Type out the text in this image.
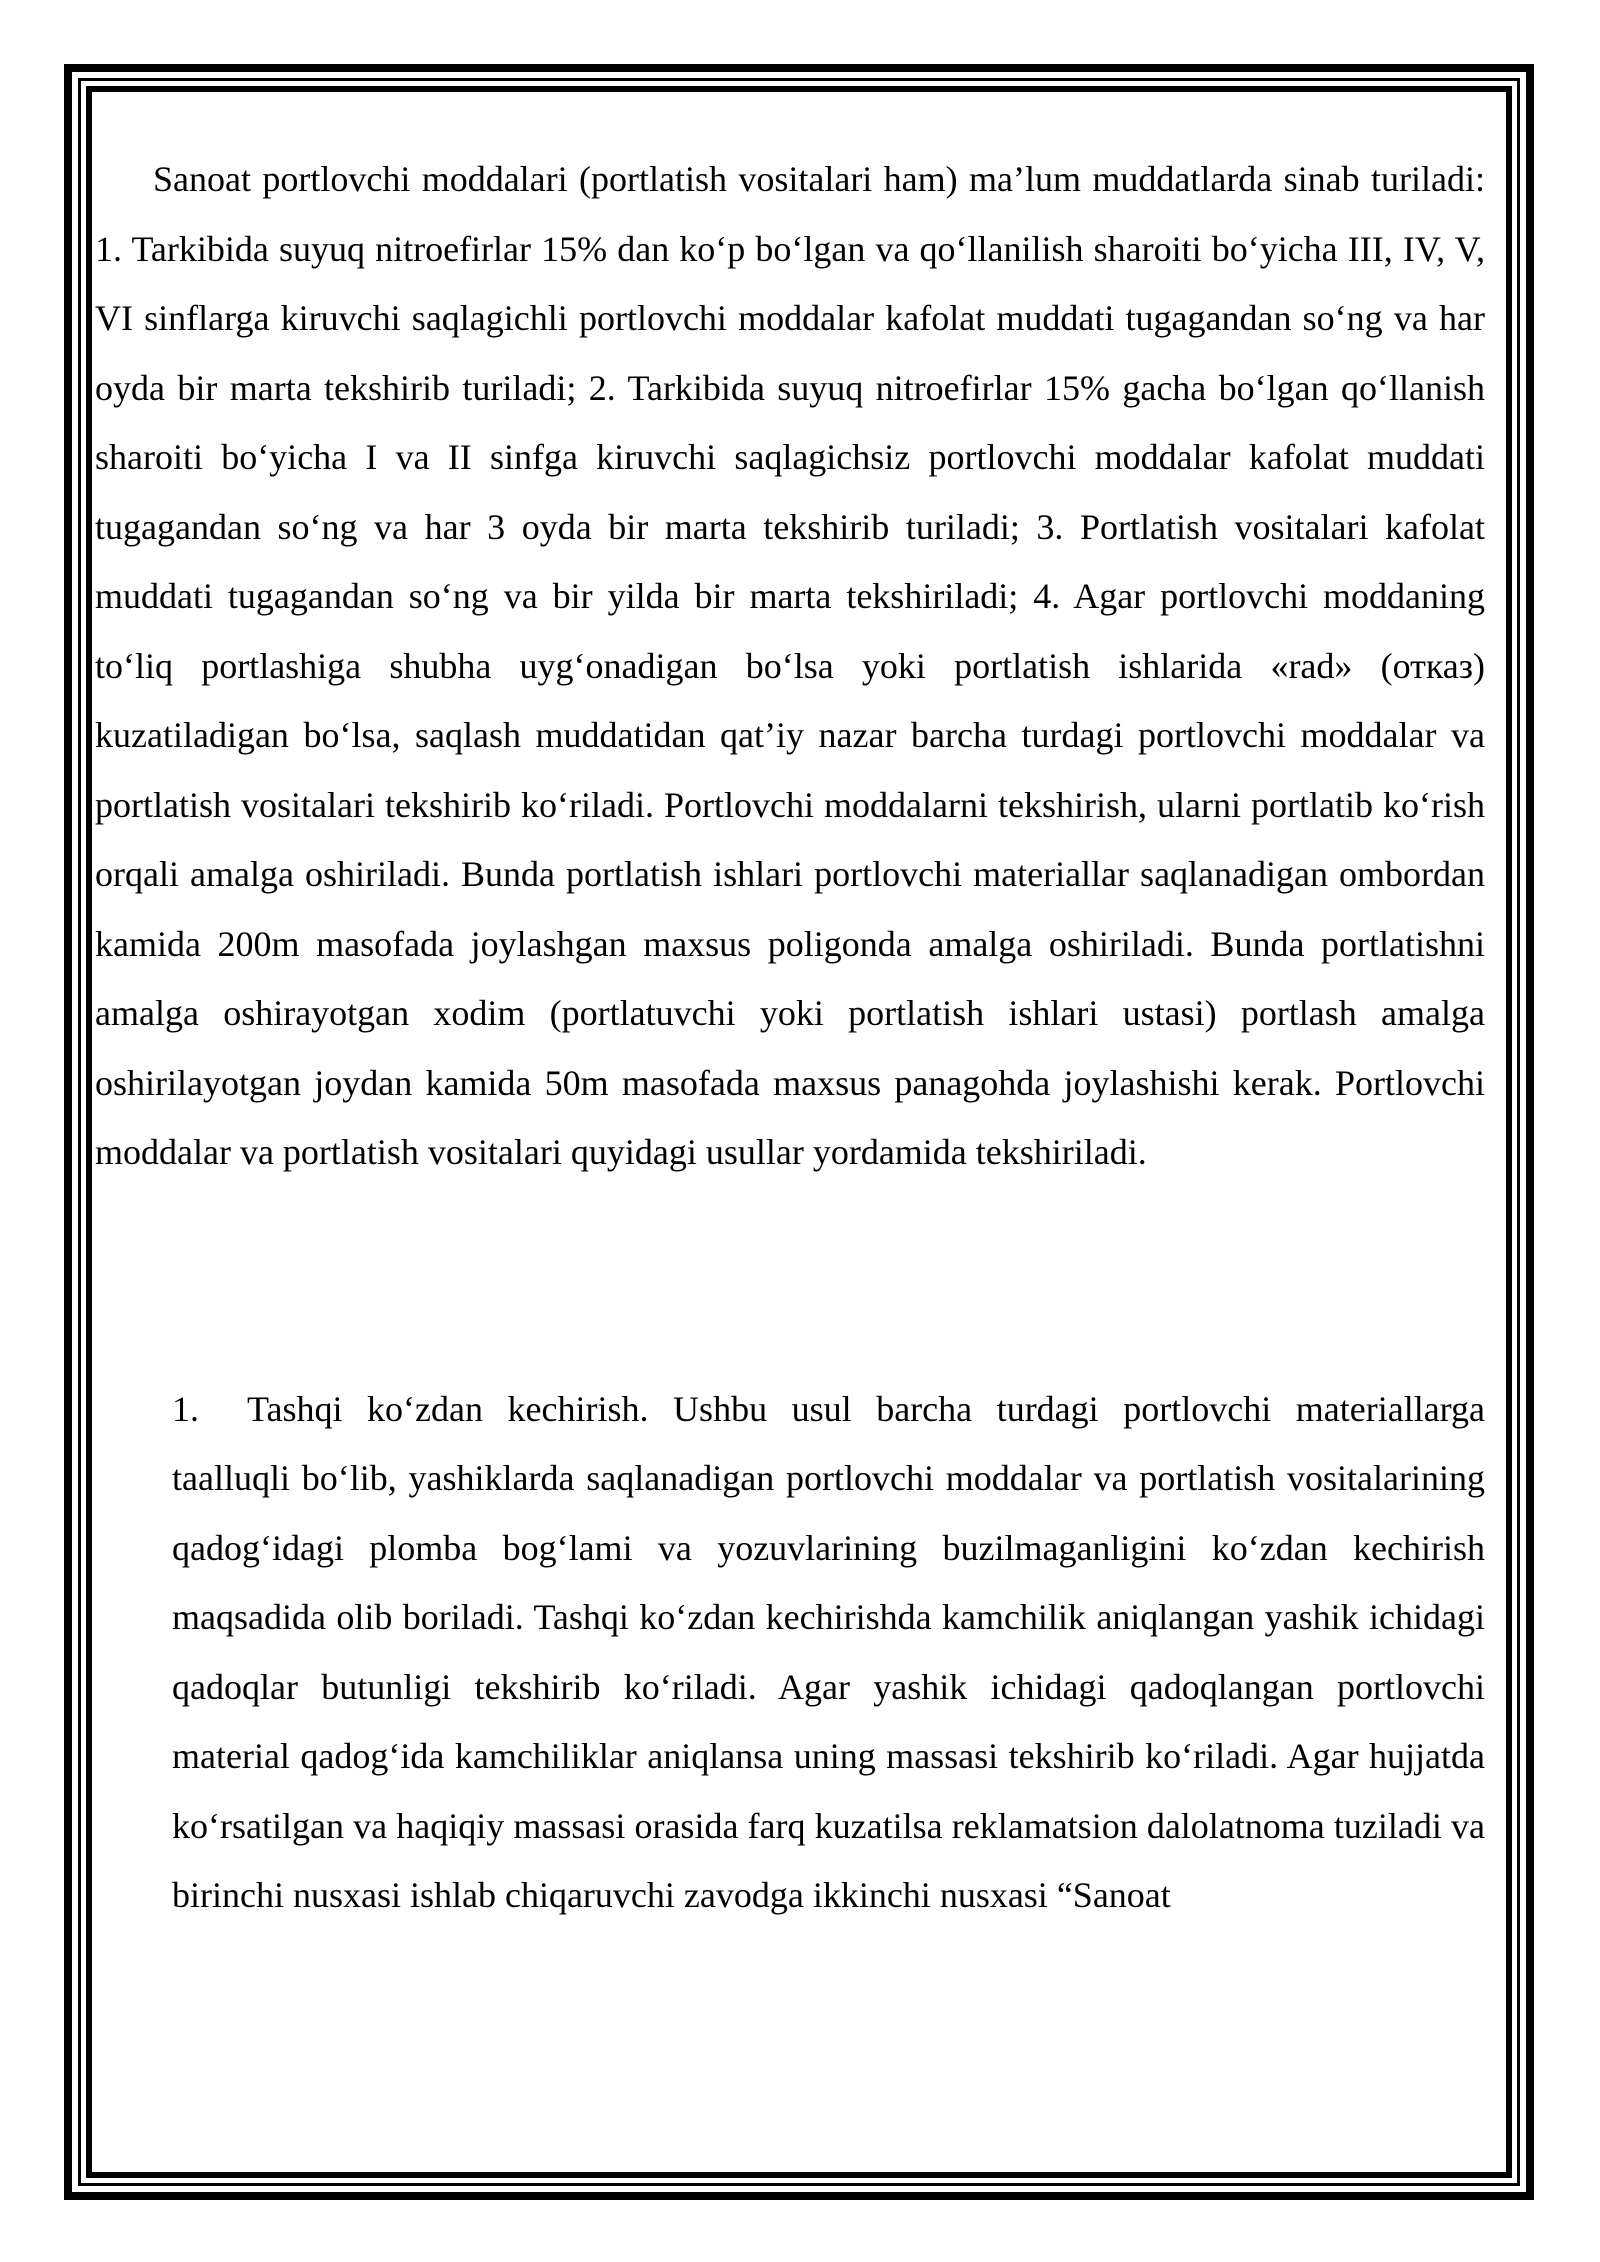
Sanoat portlovchi moddalari (portlatish vositalari ham) ma’lum muddatlarda sinab turiladi: 1. Tarkibida suyuq nitroefirlar 15% dan ko‘p bo‘lgan va qo‘llanilish sharoiti bo‘yicha III, IV, V, VI sinflarga kiruvchi saqlagichli portlovchi moddalar kafolat muddati tugagandan so‘ng va har oyda bir marta tekshirib turiladi; 2. Tarkibida suyuq nitroefirlar 15% gacha bo‘lgan qo‘llanish sharoiti bo‘yicha I va II sinfga kiruvchi saqlagichsiz portlovchi moddalar kafolat muddati tugagandan so‘ng va har 3 oyda bir marta tekshirib turiladi; 3. Portlatish vositalari kafolat muddati tugagandan so‘ng va bir yilda bir marta tekshiriladi; 4. Agar portlovchi moddaning to‘liq portlashiga shubha uyg‘onadigan bo‘lsa yoki portlatish ishlarida «rad» (отказ) kuzatiladigan bo‘lsa, saqlash muddatidan qat’iy nazar barcha turdagi portlovchi moddalar va portlatish vositalari tekshirib ko‘riladi. Portlovchi moddalarni tekshirish, ularni portlatib ko‘rish orqali amalga oshiriladi. Bunda portlatish ishlari portlovchi materiallar saqlanadigan ombordan kamida 200m masofada joylashgan maxsus poligonda amalga oshiriladi. Bunda portlatishni amalga oshirayotgan xodim (portlatuvchi yoki portlatish ishlari ustasi) portlash amalga oshirilayotgan joydan kamida 50m masofada maxsus panagohda joylashishi kerak. Portlovchi moddalar va portlatish vositalari quyidagi usullar yordamida tekshiriladi.

1. Tashqi ko‘zdan kechirish. Ushbu usul barcha turdagi portlovchi materiallarga taalluqli bo‘lib, yashiklarda saqlanadigan portlovchi moddalar va portlatish vositalarining qadog‘idagi plomba bog‘lami va yozuvlarining buzilmaganligini ko‘zdan kechirish maqsadida olib boriladi. Tashqi ko‘zdan kechirishda kamchilik aniqlangan yashik ichidagi qadoqlar butunligi tekshirib ko‘riladi. Agar yashik ichidagi qadoqlangan portlovchi material qadog‘ida kamchiliklar aniqlansa uning massasi tekshirib ko‘riladi. Agar hujjatda ko‘rsatilgan va haqiqiy massasi orasida farq kuzatilsa reklamatsion dalolatnoma tuziladi va birinchi nusxasi ishlab chiqaruvchi zavodga ikkinchi nusxasi “Sanoat
